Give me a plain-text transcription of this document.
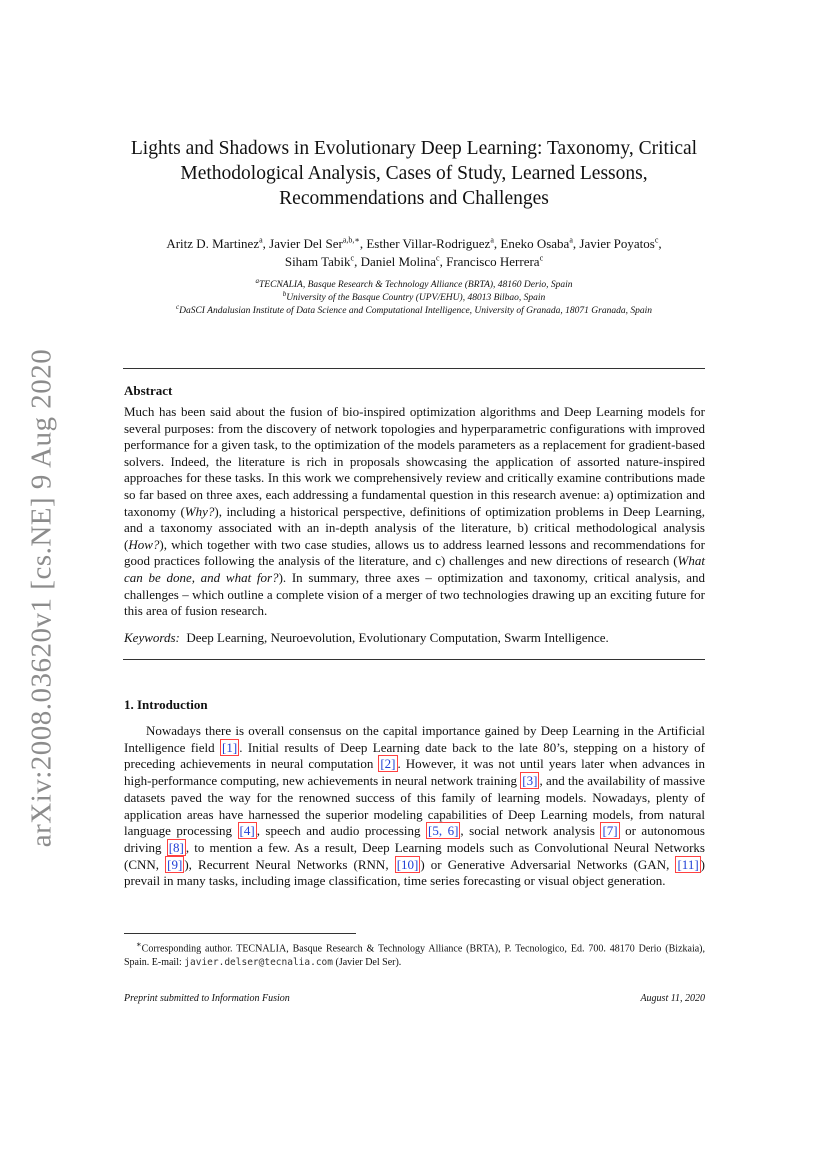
arXiv:2008.03620v1 [cs.NE] 9 Aug 2020
Lights and Shadows in Evolutionary Deep Learning: Taxonomy, Critical
Methodological Analysis, Cases of Study, Learned Lessons,
Recommendations and Challenges
Aritz D. Martinez$^a$, Javier Del Ser$^{a,b,∗}$, Esther Villar-Rodriguez$^a$, Eneko Osaba$^a$, Javier Poyatos$^c$,
Siham Tabik$^c$, Daniel Molina$^c$, Francisco Herrera$^c$
$^a$TECNALIA, Basque Research & Technology Alliance (BRTA), 48160 Derio, Spain
$^b$University of the Basque Country (UPV/EHU), 48013 Bilbao, Spain
$^c$DaSCI Andalusian Institute of Data Science and Computational Intelligence, University of Granada, 18071 Granada, Spain
Abstract
Much has been said about the fusion of bio-inspired optimization algorithms and Deep Learning models for several purposes: from the discovery of network topologies and hyperparametric configurations with improved performance for a given task, to the optimization of the models parameters as a replacement for gradient-based solvers. Indeed, the literature is rich in proposals showcasing the application of assorted nature-inspired approaches for these tasks. In this work we comprehensively review and critically examine contributions made so far based on three axes, each addressing a fundamental question in this research avenue: a) optimization and taxonomy (Why?), including a historical perspective, definitions of optimization problems in Deep Learning, and a taxonomy associated with an in-depth analysis of the literature, b) critical methodological analysis (How?), which together with two case studies, allows us to address learned lessons and recommendations for good practices following the analysis of the literature, and c) challenges and new directions of research (What can be done, and what for?). In summary, three axes – optimization and taxonomy, critical analysis, and challenges – which outline a complete vision of a merger of two technologies drawing up an exciting future for this area of fusion research.
Keywords: Deep Learning, Neuroevolution, Evolutionary Computation, Swarm Intelligence.
1. Introduction
Nowadays there is overall consensus on the capital importance gained by Deep Learning in the Artificial Intelligence field [1] . Initial results of Deep Learning date back to the late 80’s, stepping on a history of preceding achievements in neural computation [2] . However, it was not until years later when advances in high-performance computing, new achievements in neural network training [3] , and the availability of massive datasets paved the way for the renowned success of this family of learning models. Nowadays, plenty of application areas have harnessed the superior modeling capabilities of Deep Learning models, from natural language processing [4] , speech and audio processing [5, 6] , social network analysis [7] or autonomous driving [8] , to mention a few. As a result, Deep Learning models such as Convolutional Neural Networks (CNN, [9] ), Recurrent Neural Networks (RNN, [10] ) or Generative Adversarial Networks (GAN, [11] ) prevail in many tasks, including image classification, time series forecasting or visual object generation.
∗Corresponding author. TECNALIA, Basque Research & Technology Alliance (BRTA), P. Tecnologico, Ed. 700. 48170 Derio (Bizkaia), Spain. E-mail: javier.delser@tecnalia.com (Javier Del Ser).
Preprint submitted to Information Fusion	August 11, 2020
